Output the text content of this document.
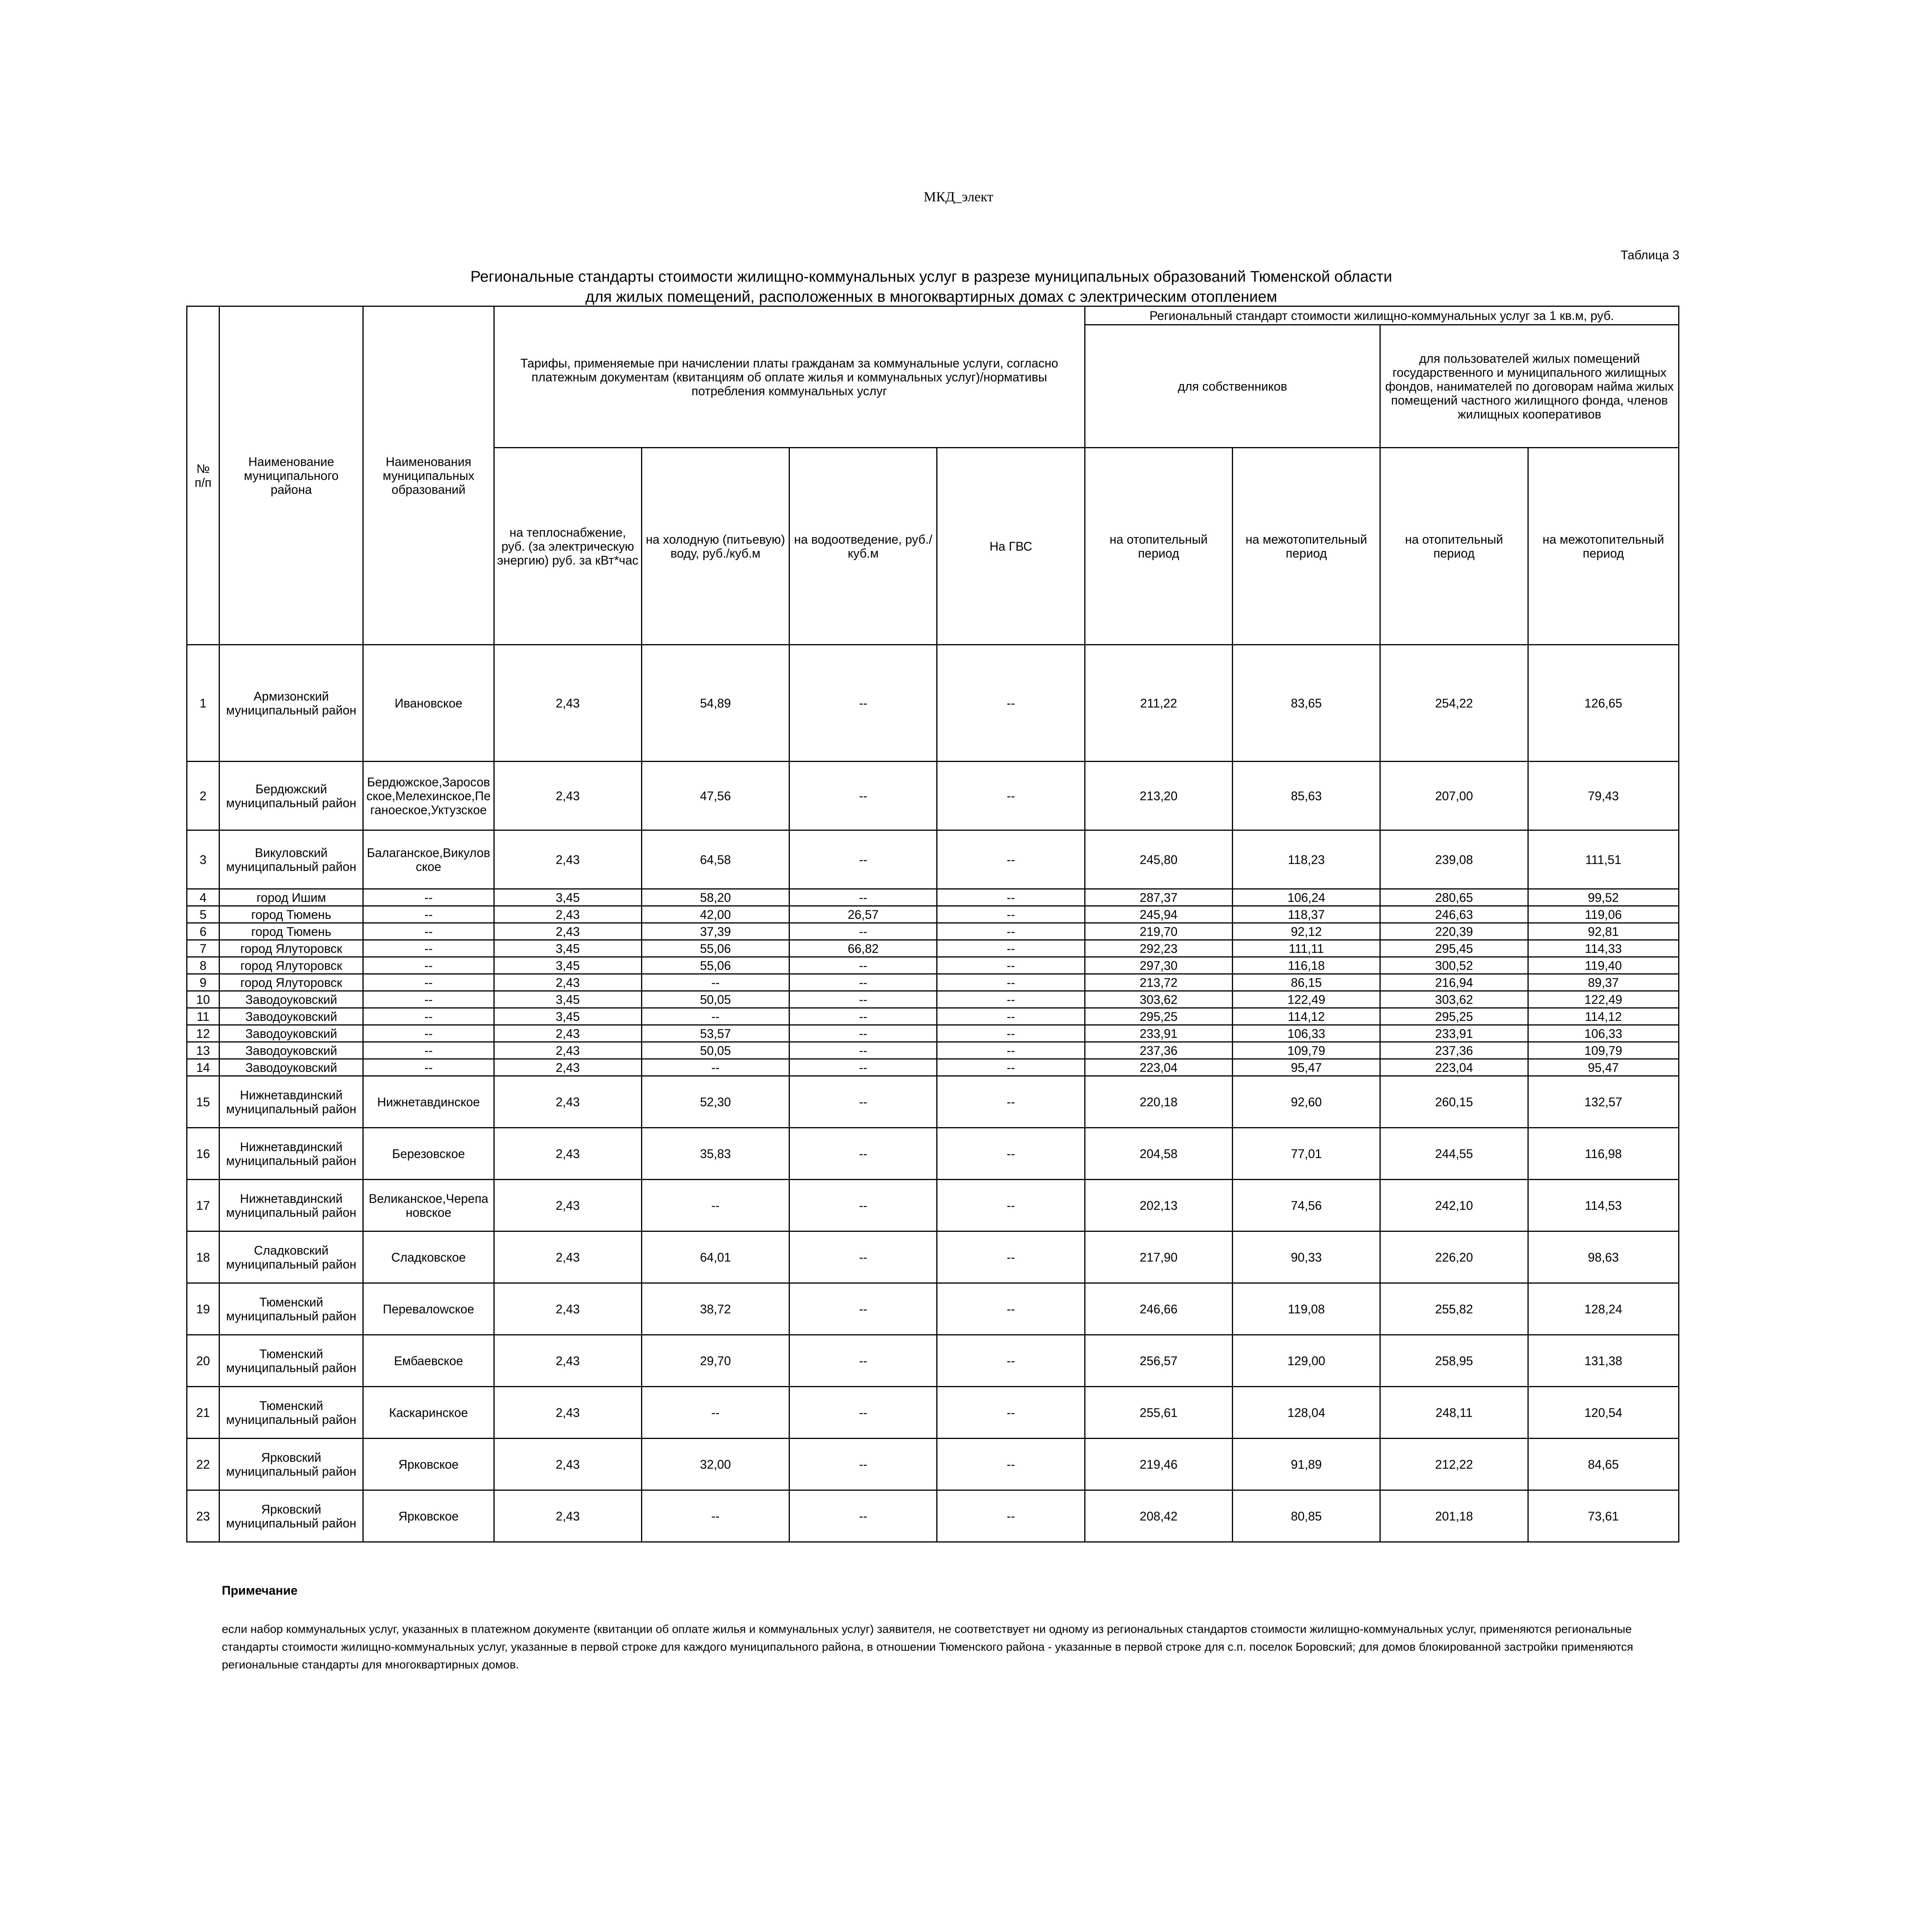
МКД_элект
Таблица 3
Региональные стандарты стоимости жилищно-коммунальных услуг в разрезе муниципальных образований Тюменской области
для жилых помещений, расположенных в многоквартирных домах с электрическим отоплением
№ п/п	Наименование муниципального района	Наименования муниципальных образований	Тарифы, применяемые при начислении платы гражданам за коммунальные услуги, согласно платежным документам (квитанциям об оплате жилья и коммунальных услуг)/нормативы потребления коммунальных услуг				Региональный стандарт стоимости жилищно-коммунальных услуг за 1 кв.м, руб.			
							для собственников		для пользователей жилых помещений государственного и муниципального жилищных фондов, нанимателей по договорам найма жилых помещений частного жилищного фонда, членов жилищных кооперативов	
			на теплоснабжение, руб. (за электрическую энергию) руб. за кВт*час	на холодную (питьевую) воду, руб./куб.м	на водоотведение, руб./куб.м	На ГВС	на отопительный период	на межотопительный период	на отопительный период	на межотопительный период
1	Армизонский муниципальный район	Ивановское	2,43	54,89	--	--	211,22	83,65	254,22	126,65
2	Бердюжский муниципальный район	Бердюжское,Заросовское,Мелехинское,Пеганоеское,Уктузское	2,43	47,56	--	--	213,20	85,63	207,00	79,43
3	Викуловский муниципальный район	Балаганское,Викуловское	2,43	64,58	--	--	245,80	118,23	239,08	111,51
4	город Ишим	--	3,45	58,20	--	--	287,37	106,24	280,65	99,52
5	город Тюмень	--	2,43	42,00	26,57	--	245,94	118,37	246,63	119,06
6	город Тюмень	--	2,43	37,39	--	--	219,70	92,12	220,39	92,81
7	город Ялуторовск	--	3,45	55,06	66,82	--	292,23	111,11	295,45	114,33
8	город Ялуторовск	--	3,45	55,06	--	--	297,30	116,18	300,52	119,40
9	город Ялуторовск	--	2,43	--	--	--	213,72	86,15	216,94	89,37
10	Заводоуковский	--	3,45	50,05	--	--	303,62	122,49	303,62	122,49
11	Заводоуковский	--	3,45	--	--	--	295,25	114,12	295,25	114,12
12	Заводоуковский	--	2,43	53,57	--	--	233,91	106,33	233,91	106,33
13	Заводоуковский	--	2,43	50,05	--	--	237,36	109,79	237,36	109,79
14	Заводоуковский	--	2,43	--	--	--	223,04	95,47	223,04	95,47
15	Нижнетавдинский муниципальный район	Нижнетавдинское	2,43	52,30	--	--	220,18	92,60	260,15	132,57
16	Нижнетавдинский муниципальный район	Березовское	2,43	35,83	--	--	204,58	77,01	244,55	116,98
17	Нижнетавдинский муниципальный район	Великанское,Черепановское	2,43	--	--	--	202,13	74,56	242,10	114,53
18	Сладковский муниципальный район	Сладковское	2,43	64,01	--	--	217,90	90,33	226,20	98,63
19	Тюменский муниципальный район	Перевалowское	2,43	38,72	--	--	246,66	119,08	255,82	128,24
20	Тюменский муниципальный район	Ембаевское	2,43	29,70	--	--	256,57	129,00	258,95	131,38
21	Тюменский муниципальный район	Каскаринское	2,43	--	--	--	255,61	128,04	248,11	120,54
22	Ярковский муниципальный район	Ярковское	2,43	32,00	--	--	219,46	91,89	212,22	84,65
23	Ярковский муниципальный район	Ярковское	2,43	--	--	--	208,42	80,85	201,18	73,61
Примечание
если набор коммунальных услуг, указанных в платежном документе (квитанции об оплате жилья и коммунальных услуг) заявителя, не соответствует ни одному из региональных стандартов стоимости жилищно-коммунальных услуг, применяются региональные стандарты стоимости жилищно-коммунальных услуг, указанные в первой строке для каждого муниципального района, в отношении Тюменского района - указанные в первой строке для с.п. поселок Боровский; для домов блокированной застройки применяются региональные стандарты для многоквартирных домов.
